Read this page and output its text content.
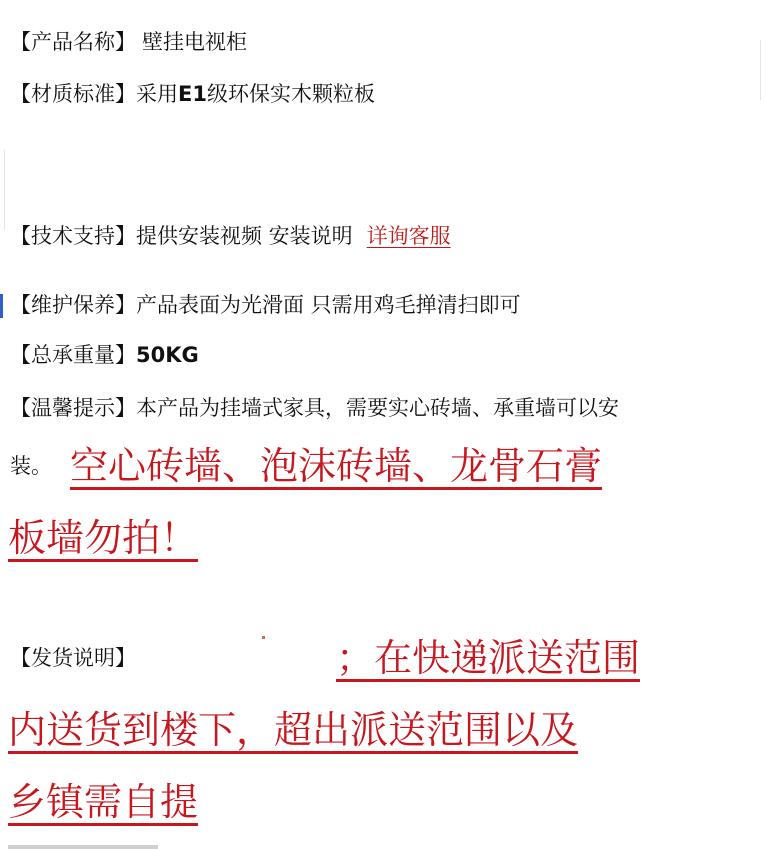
【产品名称】 壁挂电视柜
【材质标准】采用E1级环保实木颗粒板
【技术支持】提供安装视频 安装说明 详询客服
【维护保养】产品表面为光滑面 只需用鸡毛掸清扫即可
【总承重量】50KG
【温馨提示】本产品为挂墙式家具，需要实心砖墙、承重墙可以安
装。 空心砖墙、泡沫砖墙、龙骨石膏
板墙勿拍！
【发货说明】	；在快递派送范围
内送货到楼下，超出派送范围以及
乡镇需自提
